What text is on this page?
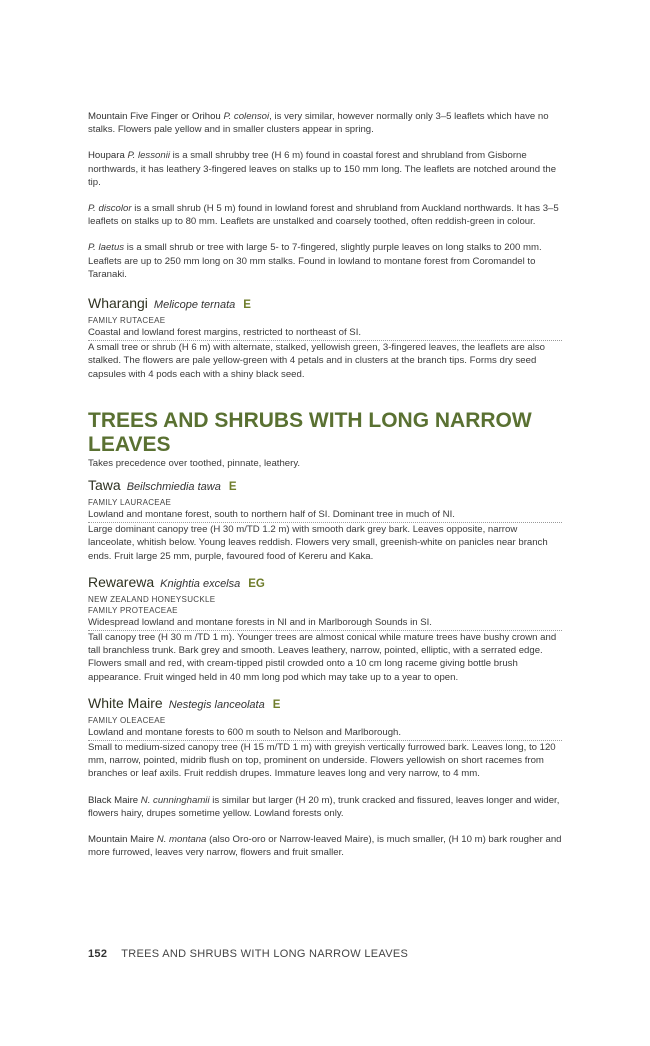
Mountain Five Finger or Orihou P. colensoi, is very similar, however normally only 3–5 leaflets which have no stalks. Flowers pale yellow and in smaller clusters appear in spring.

Houpara P. lessonii is a small shrubby tree (H 6 m) found in coastal forest and shrubland from Gisborne northwards, it has leathery 3-fingered leaves on stalks up to 150 mm long. The leaflets are notched around the tip.

P. discolor is a small shrub (H 5 m) found in lowland forest and shrubland from Auckland northwards. It has 3–5 leaflets on stalks up to 80 mm. Leaflets are unstalked and coarsely toothed, often reddish-green in colour.

P. laetus is a small shrub or tree with large 5- to 7-fingered, slightly purple leaves on long stalks to 200 mm. Leaflets are up to 250 mm long on 30 mm stalks. Found in lowland to montane forest from Coromandel to Taranaki.

Wharangi Melicope ternata E

FAMILY RUTACEAE

Coastal and lowland forest margins, restricted to northeast of SI.

A small tree or shrub (H 6 m) with alternate, stalked, yellowish green, 3-fingered leaves, the leaflets are also stalked. The flowers are pale yellow-green with 4 petals and in clusters at the branch tips. Forms dry seed capsules with 4 pods each with a shiny black seed.

TREES AND SHRUBS WITH LONG NARROW LEAVES

Takes precedence over toothed, pinnate, leathery.

Tawa Beilschmiedia tawa E

FAMILY LAURACEAE

Lowland and montane forest, south to northern half of SI. Dominant tree in much of NI.

Large dominant canopy tree (H 30 m/TD 1.2 m) with smooth dark grey bark. Leaves opposite, narrow lanceolate, whitish below. Young leaves reddish. Flowers very small, greenish-white on panicles near branch ends. Fruit large 25 mm, purple, favoured food of Kereru and Kaka.

Rewarewa Knightia excelsa EG

NEW ZEALAND HONEYSUCKLE

FAMILY PROTEACEAE

Widespread lowland and montane forests in NI and in Marlborough Sounds in SI.

Tall canopy tree (H 30 m /TD 1 m). Younger trees are almost conical while mature trees have bushy crown and tall branchless trunk. Bark grey and smooth. Leaves leathery, narrow, pointed, elliptic, with a serrated edge. Flowers small and red, with cream-tipped pistil crowded onto a 10 cm long raceme giving bottle brush appearance. Fruit winged held in 40 mm long pod which may take up to a year to open.

White Maire Nestegis lanceolata E

FAMILY OLEACEAE

Lowland and montane forests to 600 m south to Nelson and Marlborough.

Small to medium-sized canopy tree (H 15 m/TD 1 m) with greyish vertically furrowed bark. Leaves long, to 120 mm, narrow, pointed, midrib flush on top, prominent on underside. Flowers yellowish on short racemes from branches or leaf axils. Fruit reddish drupes. Immature leaves long and very narrow, to 4 mm.

Black Maire N. cunninghamii is similar but larger (H 20 m), trunk cracked and fissured, leaves longer and wider, flowers hairy, drupes sometime yellow. Lowland forests only.

Mountain Maire N. montana (also Oro-oro or Narrow-leaved Maire), is much smaller, (H 10 m) bark rougher and more furrowed, leaves very narrow, flowers and fruit smaller.

152 TREES AND SHRUBS WITH LONG NARROW LEAVES
